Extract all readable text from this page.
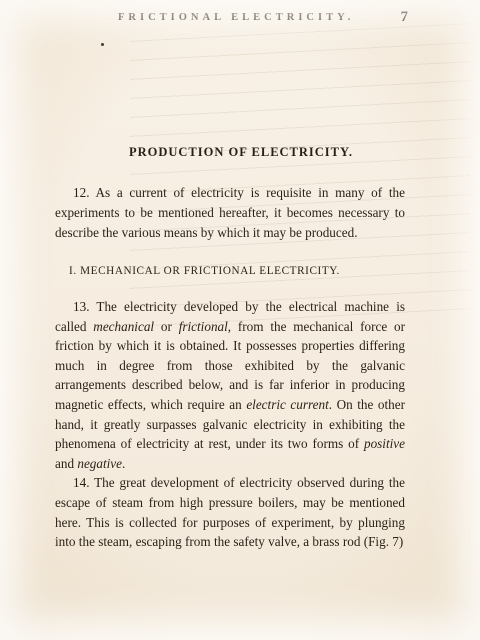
FRICTIONAL ELECTRICITY.	7
PRODUCTION OF ELECTRICITY.

12. As a current of electricity is requisite in many of the experiments to be mentioned hereafter, it becomes necessary to describe the various means by which it may be produced.

I. MECHANICAL OR FRICTIONAL ELECTRICITY.

13. The electricity developed by the electrical machine is called mechanical or frictional, from the mechanical force or friction by which it is obtained. It possesses properties differing much in degree from those exhibited by the galvanic arrangements described below, and is far inferior in producing magnetic effects, which require an electric current. On the other hand, it greatly surpasses galvanic electricity in exhibiting the phenomena of electricity at rest, under its two forms of positive and negative.

14. The great development of electricity observed during the escape of steam from high pressure boilers, may be mentioned here. This is collected for purposes of experiment, by plunging into the steam, escaping from the safety valve, a brass rod (Fig. 7)
